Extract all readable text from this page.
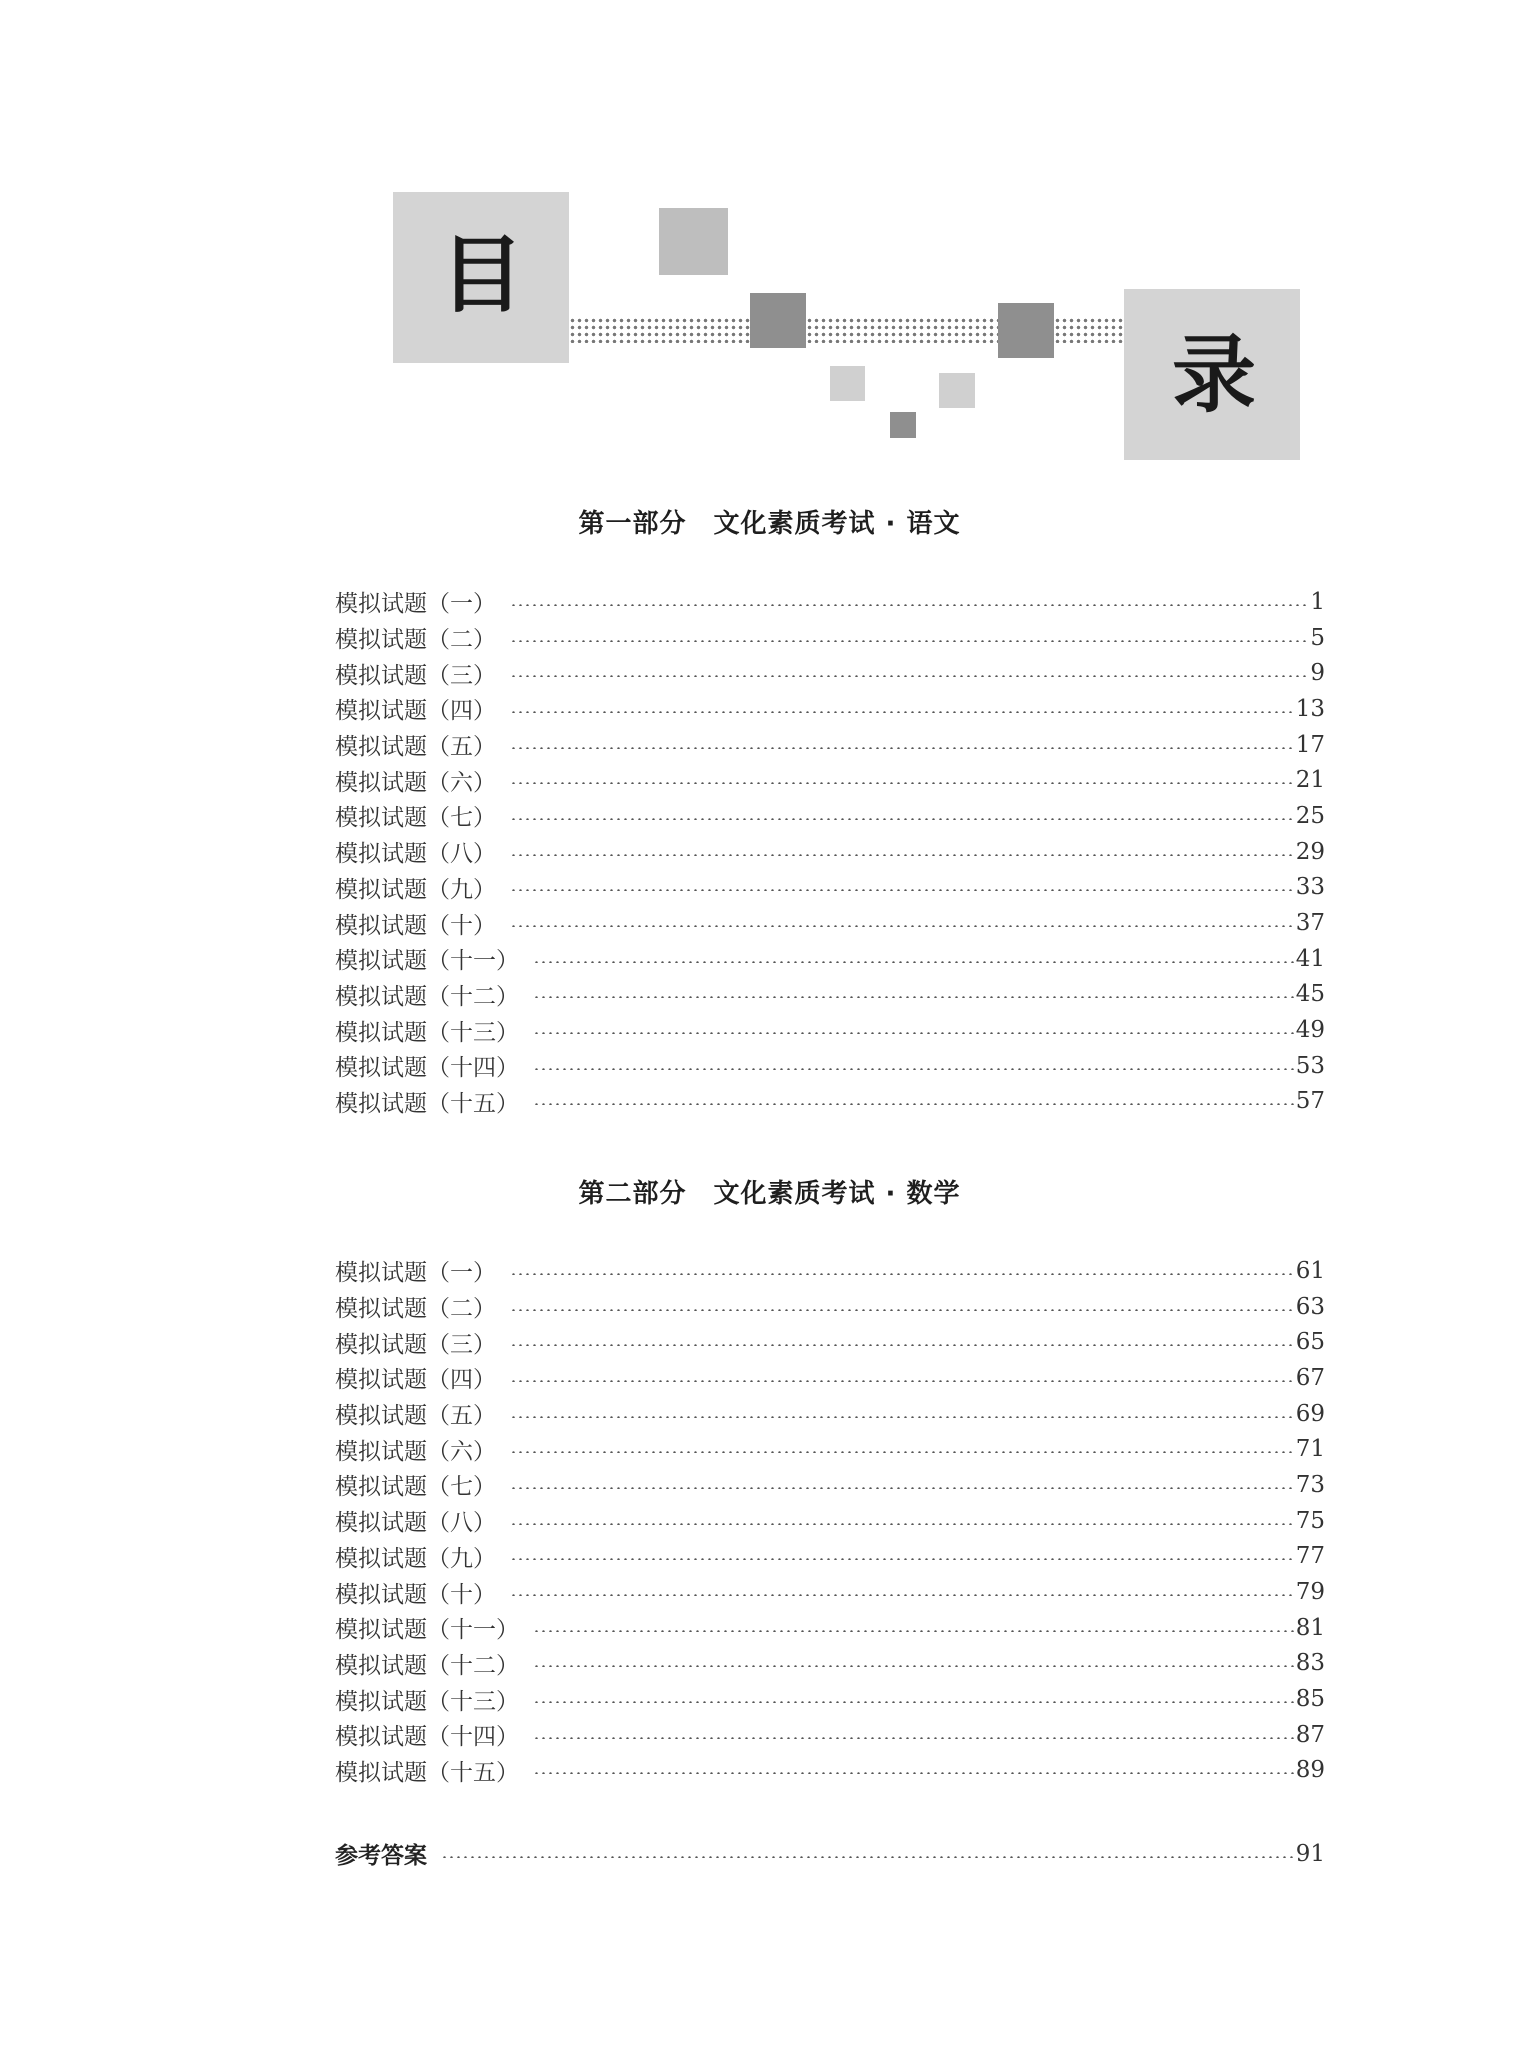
目
录
第一部分　文化素质考试 · 语文
模拟试题（一）	1
模拟试题（二）	5
模拟试题（三）	9
模拟试题（四）	13
模拟试题（五）	17
模拟试题（六）	21
模拟试题（七）	25
模拟试题（八）	29
模拟试题（九）	33
模拟试题（十）	37
模拟试题（十一）	41
模拟试题（十二）	45
模拟试题（十三）	49
模拟试题（十四）	53
模拟试题（十五）	57
第二部分　文化素质考试 · 数学
模拟试题（一）	61
模拟试题（二）	63
模拟试题（三）	65
模拟试题（四）	67
模拟试题（五）	69
模拟试题（六）	71
模拟试题（七）	73
模拟试题（八）	75
模拟试题（九）	77
模拟试题（十）	79
模拟试题（十一）	81
模拟试题（十二）	83
模拟试题（十三）	85
模拟试题（十四）	87
模拟试题（十五）	89
参考答案	91
